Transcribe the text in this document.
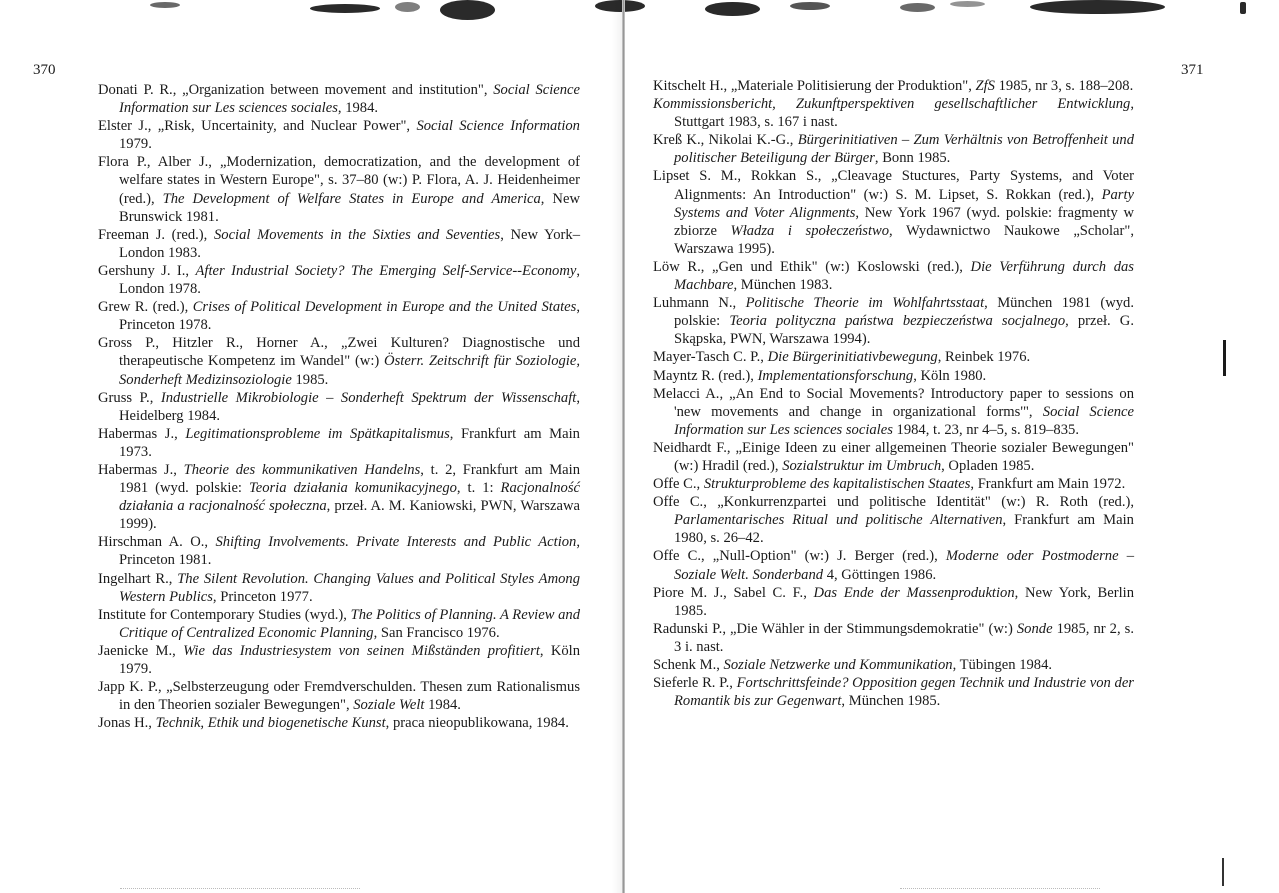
370	371

Donati P. R., „Organization between movement and institution", Social Science Information sur Les sciences sociales, 1984.

Elster J., „Risk, Uncertainity, and Nuclear Power", Social Science Information 1979.

Flora P., Alber J., „Modernization, democratization, and the development of welfare states in Western Europe", s. 37–80 (w:) P. Flora, A. J. Heidenheimer (red.), The Development of Welfare States in Europe and America, New Brunswick 1981.

Freeman J. (red.), Social Movements in the Sixties and Seventies, New York–London 1983.

Gershuny J. I., After Industrial Society? The Emerging Self-Service--Economy, London 1978.

Grew R. (red.), Crises of Political Development in Europe and the United States, Princeton 1978.

Gross P., Hitzler R., Horner A., „Zwei Kulturen? Diagnostische und therapeutische Kompetenz im Wandel" (w:) Österr. Zeitschrift für Soziologie, Sonderheft Medizinsoziologie 1985.

Gruss P., Industrielle Mikrobiologie – Sonderheft Spektrum der Wissenschaft, Heidelberg 1984.

Habermas J., Legitimationsprobleme im Spätkapitalismus, Frankfurt am Main 1973.

Habermas J., Theorie des kommunikativen Handelns, t. 2, Frankfurt am Main 1981 (wyd. polskie: Teoria działania komunikacyjnego, t. 1: Racjonalność działania a racjonalność społeczna, przeł. A. M. Kaniowski, PWN, Warszawa 1999).

Hirschman A. O., Shifting Involvements. Private Interests and Public Action, Princeton 1981.

Ingelhart R., The Silent Revolution. Changing Values and Political Styles Among Western Publics, Princeton 1977.

Institute for Contemporary Studies (wyd.), The Politics of Planning. A Review and Critique of Centralized Economic Planning, San Francisco 1976.

Jaenicke M., Wie das Industriesystem von seinen Mißständen profitiert, Köln 1979.

Japp K. P., „Selbsterzeugung oder Fremdverschulden. Thesen zum Rationalismus in den Theorien sozialer Bewegungen", Soziale Welt 1984.

Jonas H., Technik, Ethik und biogenetische Kunst, praca nieopublikowana, 1984.

Kitschelt H., „Materiale Politisierung der Produktion", ZfS 1985, nr 3, s. 188–208.

Kommissionsbericht, Zukunftperspektiven gesellschaftlicher Entwicklung, Stuttgart 1983, s. 167 i nast.

Kreß K., Nikolai K.-G., Bürgerinitiativen – Zum Verhältnis von Betroffenheit und politischer Beteiligung der Bürger, Bonn 1985.

Lipset S. M., Rokkan S., „Cleavage Stuctures, Party Systems, and Voter Alignments: An Introduction" (w:) S. M. Lipset, S. Rokkan (red.), Party Systems and Voter Alignments, New York 1967 (wyd. polskie: fragmenty w zbiorze Władza i społeczeństwo, Wydawnictwo Naukowe „Scholar", Warszawa 1995).

Löw R., „Gen und Ethik" (w:) Koslowski (red.), Die Verführung durch das Machbare, München 1983.

Luhmann N., Politische Theorie im Wohlfahrtsstaat, München 1981 (wyd. polskie: Teoria polityczna państwa bezpieczeństwa socjalnego, przeł. G. Skąpska, PWN, Warszawa 1994).

Mayer-Tasch C. P., Die Bürgerinitiativbewegung, Reinbek 1976.

Mayntz R. (red.), Implementationsforschung, Köln 1980.

Melacci A., „An End to Social Movements? Introductory paper to sessions on 'new movements and change in organizational forms'", Social Science Information sur Les sciences sociales 1984, t. 23, nr 4–5, s. 819–835.

Neidhardt F., „Einige Ideen zu einer allgemeinen Theorie sozialer Bewegungen" (w:) Hradil (red.), Sozialstruktur im Umbruch, Opladen 1985.

Offe C., Strukturprobleme des kapitalistischen Staates, Frankfurt am Main 1972.

Offe C., „Konkurrenzpartei und politische Identität" (w:) R. Roth (red.), Parlamentarisches Ritual und politische Alternativen, Frankfurt am Main 1980, s. 26–42.

Offe C., „Null-Option" (w:) J. Berger (red.), Moderne oder Postmoderne – Soziale Welt. Sonderband 4, Göttingen 1986.

Piore M. J., Sabel C. F., Das Ende der Massenproduktion, New York, Berlin 1985.

Radunski P., „Die Wähler in der Stimmungsdemokratie" (w:) Sonde 1985, nr 2, s. 3 i. nast.

Schenk M., Soziale Netzwerke und Kommunikation, Tübingen 1984.

Sieferle R. P., Fortschrittsfeinde? Opposition gegen Technik und Industrie von der Romantik bis zur Gegenwart, München 1985.
